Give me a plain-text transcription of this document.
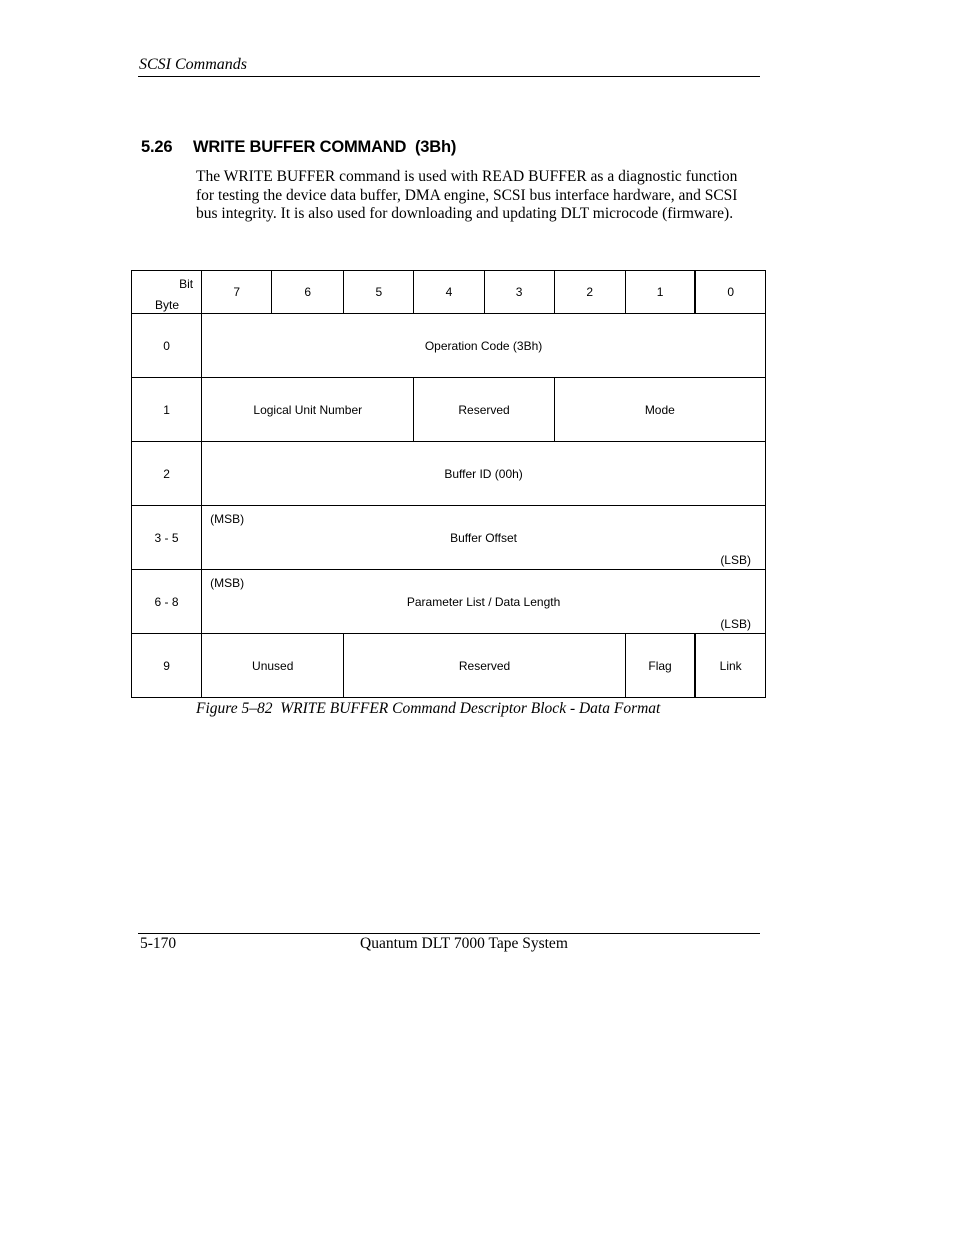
SCSI Commands
5.26 WRITE BUFFER COMMAND  (3Bh)
The WRITE BUFFER command is used with READ BUFFER as a diagnostic function for testing the device data buffer, DMA engine, SCSI bus interface hardware, and SCSI bus integrity. It is also used for downloading and updating DLT microcode (firmware).
Bit
Byte	7	6	5	4	3	2	1	0
0	Operation Code (3Bh)							
1	Logical Unit Number			Reserved		Mode		
2	Buffer ID (00h)							
3 - 5	(MSB)
Buffer Offset
(LSB)							

6 - 8	(MSB)
Parameter List / Data Length
(LSB)							

9	Unused		Reserved				Flag	Link
Figure 5–82  WRITE BUFFER Command Descriptor Block - Data Format
5-170	Quantum DLT 7000 Tape System
